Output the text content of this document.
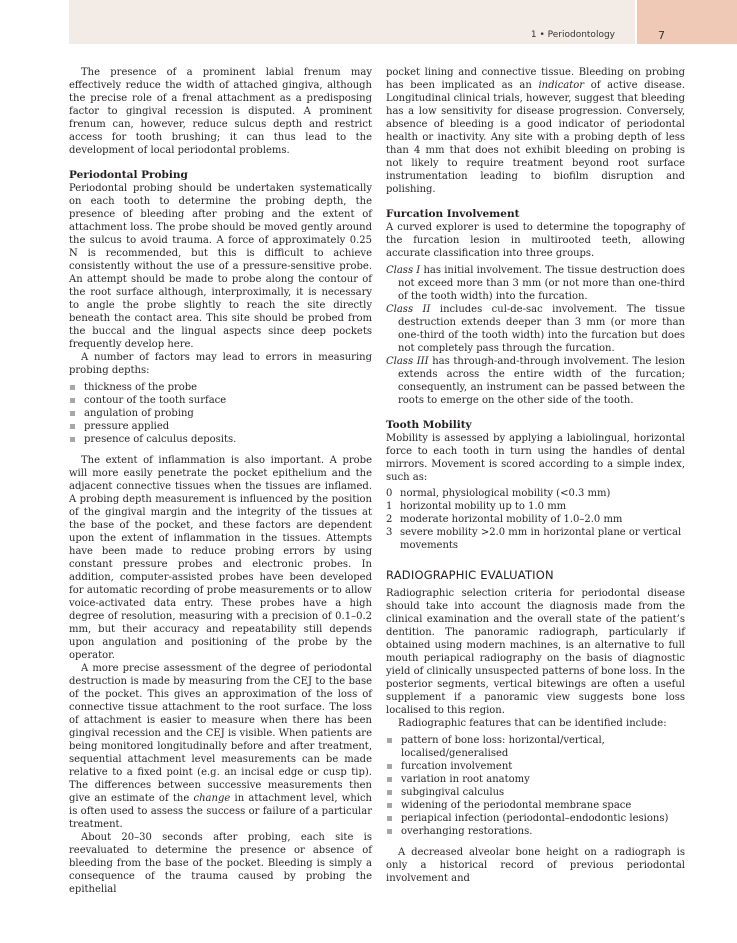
1 • Periodontology	7

The presence of a prominent labial frenum may effectively reduce the width of attached gingiva, although the precise role of a frenal attachment as a predisposing factor to gingival recession is disputed. A prominent frenum can, however, reduce sulcus depth and restrict access for tooth brushing; it can thus lead to the development of local periodontal problems.

Periodontal Probing

Periodontal probing should be undertaken systematically on each tooth to determine the probing depth, the presence of bleeding after probing and the extent of attachment loss. The probe should be moved gently around the sulcus to avoid trauma. A force of approximately 0.25 N is recommended, but this is difficult to achieve consistently without the use of a pressure-sensitive probe. An attempt should be made to probe along the contour of the root surface although, interproximally, it is necessary to angle the probe slightly to reach the site directly beneath the contact area. This site should be probed from the buccal and the lingual aspects since deep pockets frequently develop here.

A number of factors may lead to errors in measuring probing depths:

thickness of the probe
contour of the tooth surface
angulation of probing
pressure applied
presence of calculus deposits.

The extent of inflammation is also important. A probe will more easily penetrate the pocket epithelium and the adjacent connective tissues when the tissues are inflamed. A probing depth measurement is influenced by the position of the gingival margin and the integrity of the tissues at the base of the pocket, and these factors are dependent upon the extent of inflammation in the tissues. Attempts have been made to reduce probing errors by using constant pressure probes and electronic probes. In addition, computer-assisted probes have been developed for automatic recording of probe measurements or to allow voice-activated data entry. These probes have a high degree of resolution, measuring with a precision of 0.1–0.2 mm, but their accuracy and repeatability still depends upon angulation and positioning of the probe by the operator.

A more precise assessment of the degree of periodontal destruction is made by measuring from the CEJ to the base of the pocket. This gives an approximation of the loss of connective tissue attachment to the root surface. The loss of attachment is easier to measure when there has been gingival recession and the CEJ is visible. When patients are being monitored longitudinally before and after treatment, sequential attachment level measurements can be made relative to a fixed point (e.g. an incisal edge or cusp tip). The differences between successive measurements then give an estimate of the change in attachment level, which is often used to assess the success or failure of a particular treatment.

About 20–30 seconds after probing, each site is reevaluated to determine the presence or absence of bleeding from the base of the pocket. Bleeding is simply a consequence of the trauma caused by probing the epithelial

pocket lining and connective tissue. Bleeding on probing has been implicated as an indicator of active disease. Longitudinal clinical trials, however, suggest that bleeding has a low sensitivity for disease progression. Conversely, absence of bleeding is a good indicator of periodontal health or inactivity. Any site with a probing depth of less than 4 mm that does not exhibit bleeding on probing is not likely to require treatment beyond root surface instrumentation leading to biofilm disruption and polishing.

Furcation Involvement

A curved explorer is used to determine the topography of the furcation lesion in multirooted teeth, allowing accurate classification into three groups.

Class I has initial involvement. The tissue destruction does not exceed more than 3 mm (or not more than one-third of the tooth width) into the furcation.

Class II includes cul-de-sac involvement. The tissue destruction extends deeper than 3 mm (or more than one-third of the tooth width) into the furcation but does not completely pass through the furcation.

Class III has through-and-through involvement. The lesion extends across the entire width of the furcation; consequently, an instrument can be passed between the roots to emerge on the other side of the tooth.

Tooth Mobility

Mobility is assessed by applying a labiolingual, horizontal force to each tooth in turn using the handles of dental mirrors. Movement is scored according to a simple index, such as:

0 normal, physiological mobility (<0.3 mm)
1 horizontal mobility up to 1.0 mm
2 moderate horizontal mobility of 1.0–2.0 mm
3 severe mobility >2.0 mm in horizontal plane or vertical movements
RADIOGRAPHIC EVALUATION

Radiographic selection criteria for periodontal disease should take into account the diagnosis made from the clinical examination and the overall state of the patient’s dentition. The panoramic radiograph, particularly if obtained using modern machines, is an alternative to full mouth periapical radiography on the basis of diagnostic yield of clinically unsuspected patterns of bone loss. In the posterior segments, vertical bitewings are often a useful supplement if a panoramic view suggests bone loss localised to this region.

Radiographic features that can be identified include:

pattern of bone loss: horizontal/vertical, localised/generalised
furcation involvement
variation in root anatomy
subgingival calculus
widening of the periodontal membrane space
periapical infection (periodontal–endodontic lesions)
overhanging restorations.

A decreased alveolar bone height on a radiograph is only a historical record of previous periodontal involvement and
